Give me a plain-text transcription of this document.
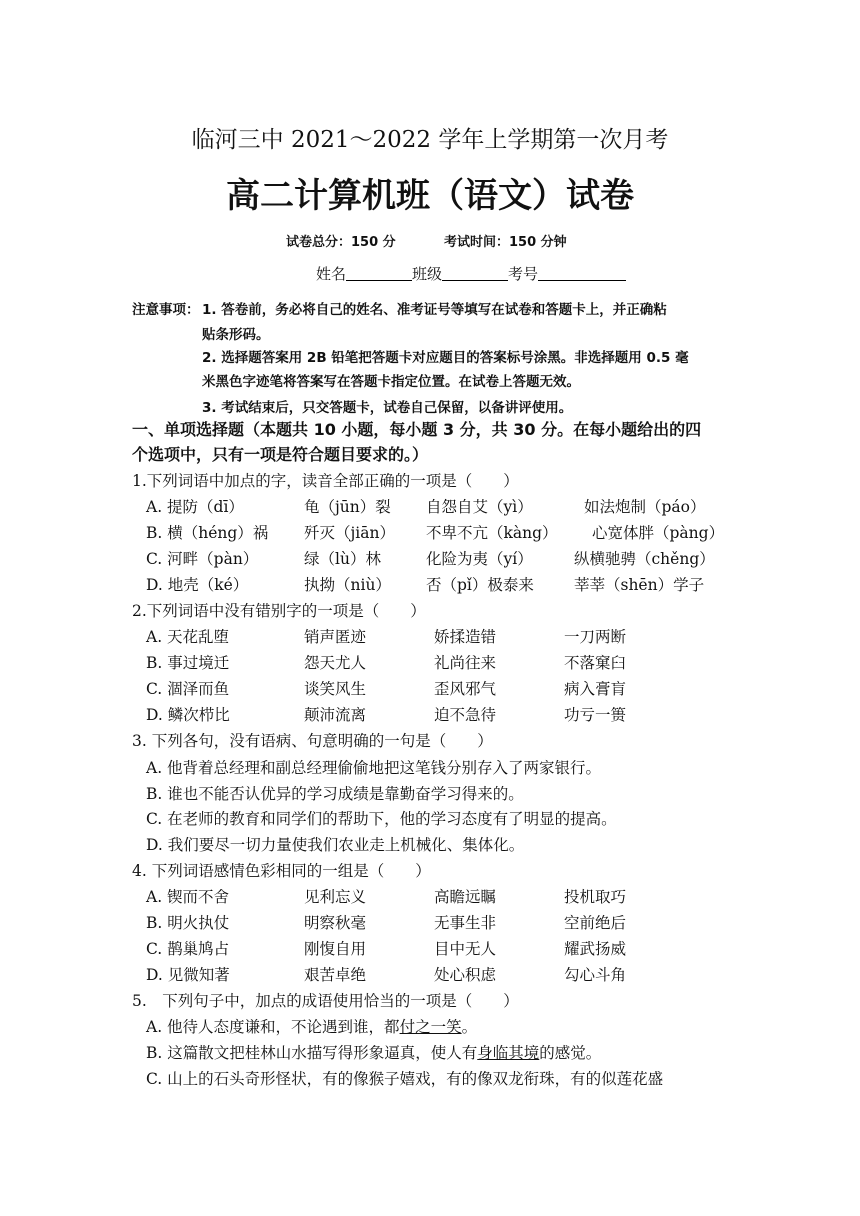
临河三中 2021～2022 学年上学期第一次月考
高二计算机班（语文）试卷
试卷总分：150 分	考试时间：150 分钟
姓名	班级	考号
注意事项： 1. 答卷前，务必将自己的姓名、准考证号等填写在试卷和答题卡上，并正确粘
贴条形码。
2. 选择题答案用 2B 铅笔把答题卡对应题目的答案标号涂黑。非选择题用 0.5 毫
米黑色字迹笔将答案写在答题卡指定位置。在试卷上答题无效。
3. 考试结束后，只交答题卡，试卷自己保留，以备讲评使用。
一、单项选择题（本题共 10 小题，每小题 3 分，共 30 分。在每小题给出的四
个选项中，只有一项是符合题目要求的。）
1.下列词语中加点的字，读音全部正确的一项是（　　）
A. 提防（dī）	龟（jūn）裂 自怨自艾（yì）	如法炮制（páo）
B. 横（héng）祸 歼灭（jiān） 不卑不亢（kàng） 心宽体胖（pàng）
C. 河畔（pàn）	绿（lù）林	化险为夷（yí）	纵横驰骋（chěng）
D. 地壳（ké）	执拗（niù） 否（pǐ）极泰来	莘莘（shēn）学子
2.下列词语中没有错别字的一项是（　　）
A. 天花乱堕	销声匿迹	娇揉造错	一刀两断
B. 事过境迁	怨天尤人	礼尚往来	不落窠臼
C. 涸泽而鱼	谈笑风生	歪风邪气	病入膏肓
D. 鳞次栉比	颠沛流离	迫不急待	功亏一篑
3. 下列各句，没有语病、句意明确的一句是（　　）
A. 他背着总经理和副总经理偷偷地把这笔钱分别存入了两家银行。
B. 谁也不能否认优异的学习成绩是靠勤奋学习得来的。
C. 在老师的教育和同学们的帮助下，他的学习态度有了明显的提高。
D. 我们要尽一切力量使我们农业走上机械化、集体化。
4. 下列词语感情色彩相同的一组是（　　）
A. 锲而不舍	见利忘义	高瞻远瞩	投机取巧
B. 明火执仗	明察秋毫	无事生非	空前绝后
C. 鹊巢鸠占	刚愎自用	目中无人	耀武扬威
D. 见微知著	艰苦卓绝	处心积虑	勾心斗角
5.　下列句子中，加点的成语使用恰当的一项是（　　）
A. 他待人态度谦和，不论遇到谁，都付之一笑。
B. 这篇散文把桂林山水描写得形象逼真，使人有身临其境的感觉。
C. 山上的石头奇形怪状，有的像猴子嬉戏，有的像双龙衔珠，有的似莲花盛
